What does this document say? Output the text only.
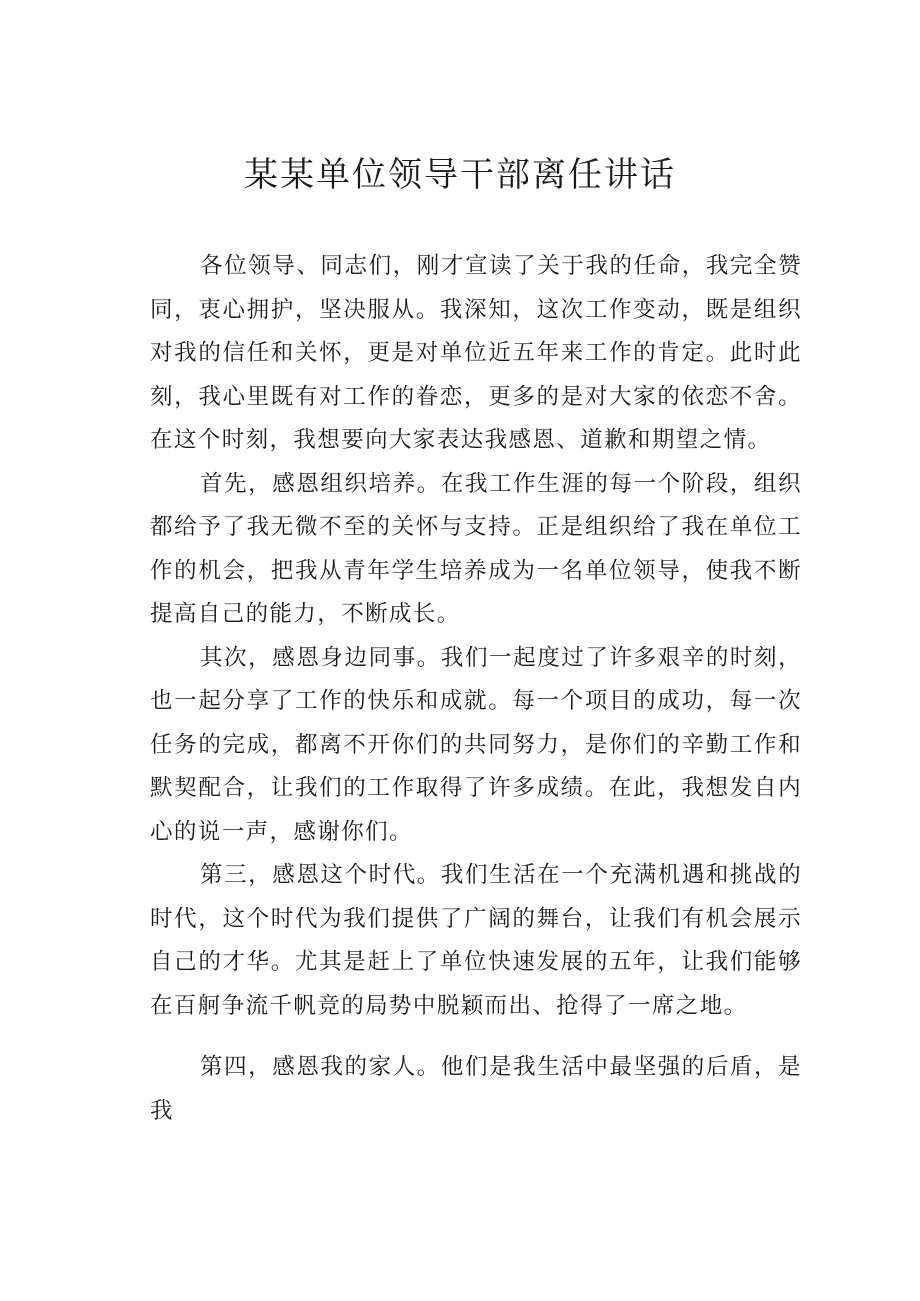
某某单位领导干部离任讲话

各位领导、同志们，刚才宣读了关于我的任命，我完全赞同，衷心拥护，坚决服从。我深知，这次工作变动，既是组织对我的信任和关怀，更是对单位近五年来工作的肯定。此时此刻，我心里既有对工作的眷恋，更多的是对大家的依恋不舍。在这个时刻，我想要向大家表达我感恩、道歉和期望之情。

首先，感恩组织培养。在我工作生涯的每一个阶段，组织都给予了我无微不至的关怀与支持。正是组织给了我在单位工作的机会，把我从青年学生培养成为一名单位领导，使我不断提高自己的能力，不断成长。

其次，感恩身边同事。我们一起度过了许多艰辛的时刻，也一起分享了工作的快乐和成就。每一个项目的成功，每一次任务的完成，都离不开你们的共同努力，是你们的辛勤工作和默契配合，让我们的工作取得了许多成绩。在此，我想发自内心的说一声，感谢你们。

第三，感恩这个时代。我们生活在一个充满机遇和挑战的时代，这个时代为我们提供了广阔的舞台，让我们有机会展示自己的才华。尤其是赶上了单位快速发展的五年，让我们能够在百舸争流千帆竞的局势中脱颖而出、抢得了一席之地。

第四，感恩我的家人。他们是我生活中最坚强的后盾，是我
